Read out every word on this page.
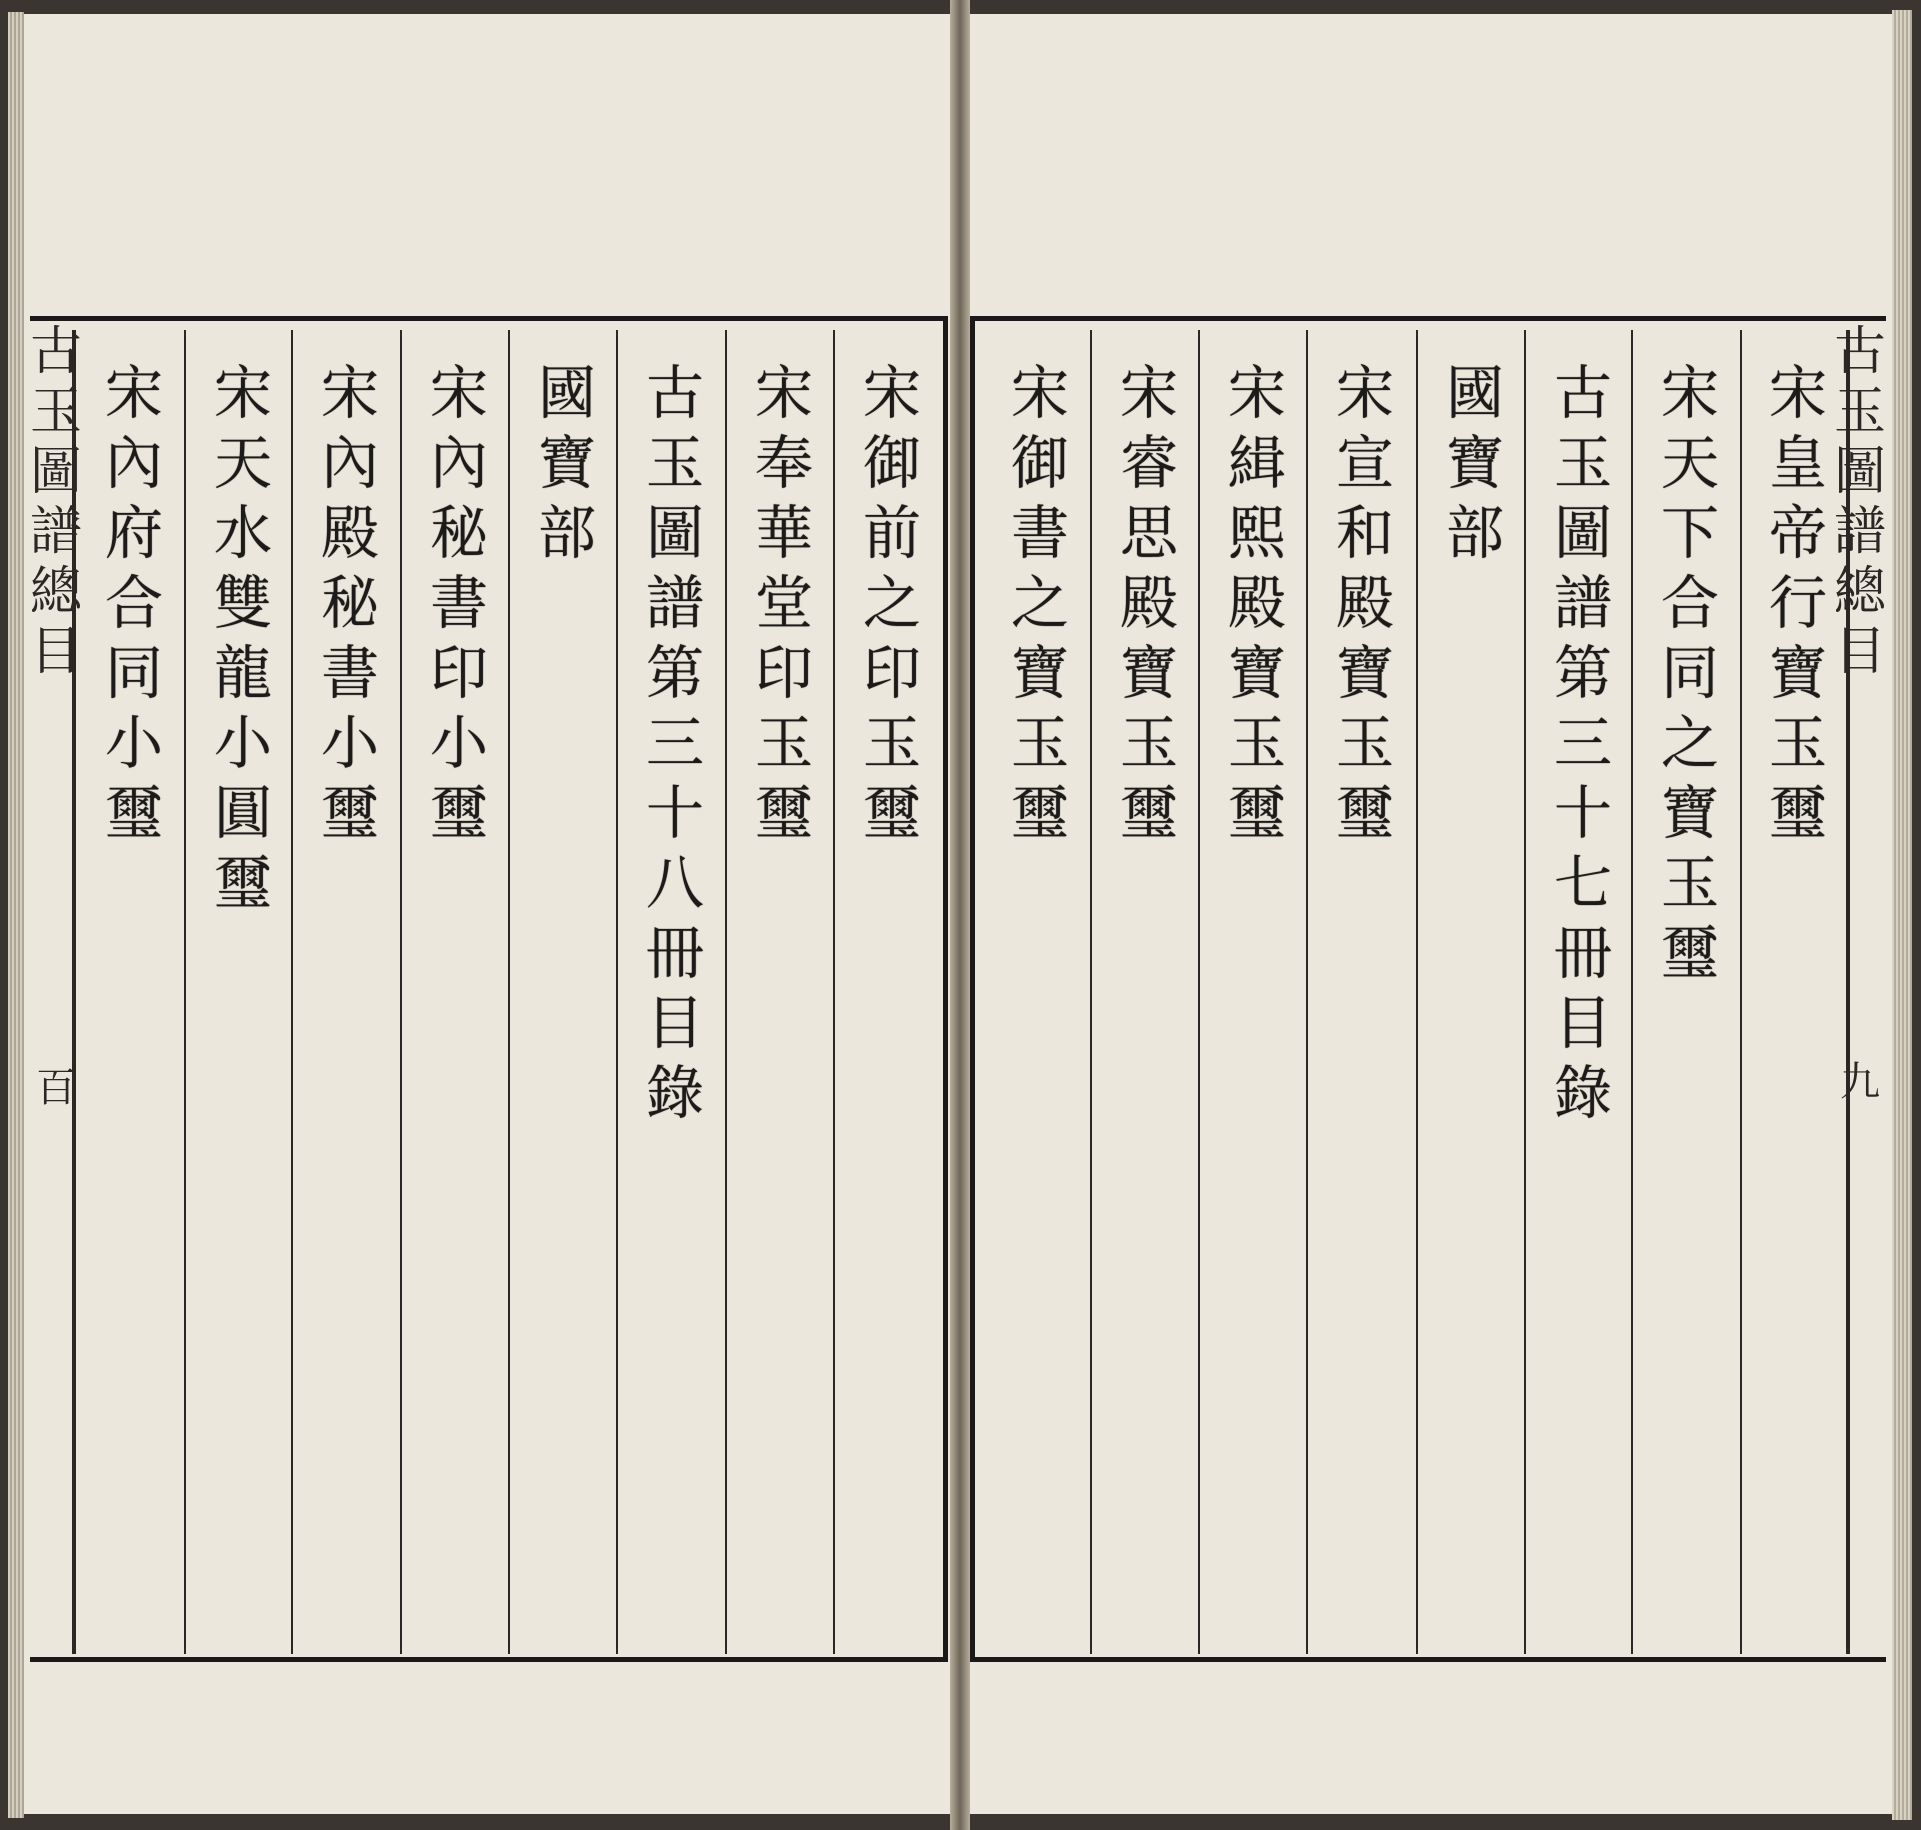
古玉圖譜總目
百
古玉圖譜總目
九
宋御前之印玉璽
宋奉華堂印玉璽
古玉圖譜第三十八冊目錄
國寶部
宋內秘書印小璽
宋內殿秘書小璽
宋天水雙龍小圓璽
宋內府合同小璽
宋皇帝行寶玉璽
宋天下合同之寶玉璽
古玉圖譜第三十七冊目錄
國寶部
宋宣和殿寶玉璽
宋緝熙殿寶玉璽
宋睿思殿寶玉璽
宋御書之寶玉璽
